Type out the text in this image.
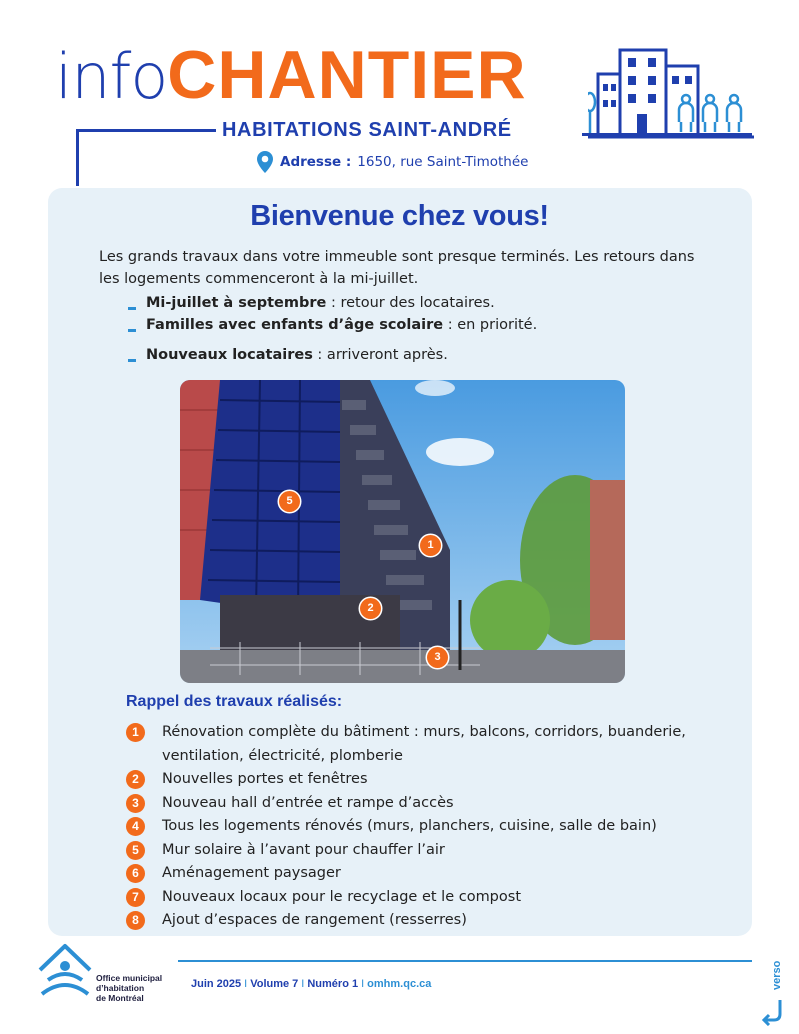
infoCHANTIER
HABITATIONS SAINT-ANDRÉ
Adresse : 1650, rue Saint-Timothée
Bienvenue chez vous!

Les grands travaux dans votre immeuble sont presque terminés. Les retours dans les logements commenceront à la mi-juillet.

Mi-juillet à septembre : retour des locataires.
Familles avec enfants d’âge scolaire : en priorité.
Nouveaux locataires : arriveront après.
5
1
2
3
Rappel des travaux réalisés:
1	Rénovation complète du bâtiment : murs, balcons, corridors, buanderie, ventilation, électricité, plomberie
2	Nouvelles portes et fenêtres
3	Nouveau hall d’entrée et rampe d’accès
4	Tous les logements rénovés (murs, planchers, cuisine, salle de bain)
5	Mur solaire à l’avant pour chauffer l’air
6	Aménagement paysager
7	Nouveaux locaux pour le recyclage et le compost
8	Ajout d’espaces de rangement (resserres)
Office municipal
d’habitation
de Montréal
Juin 2025 I Volume 7 I Numéro 1 I omhm.qc.ca	verso
